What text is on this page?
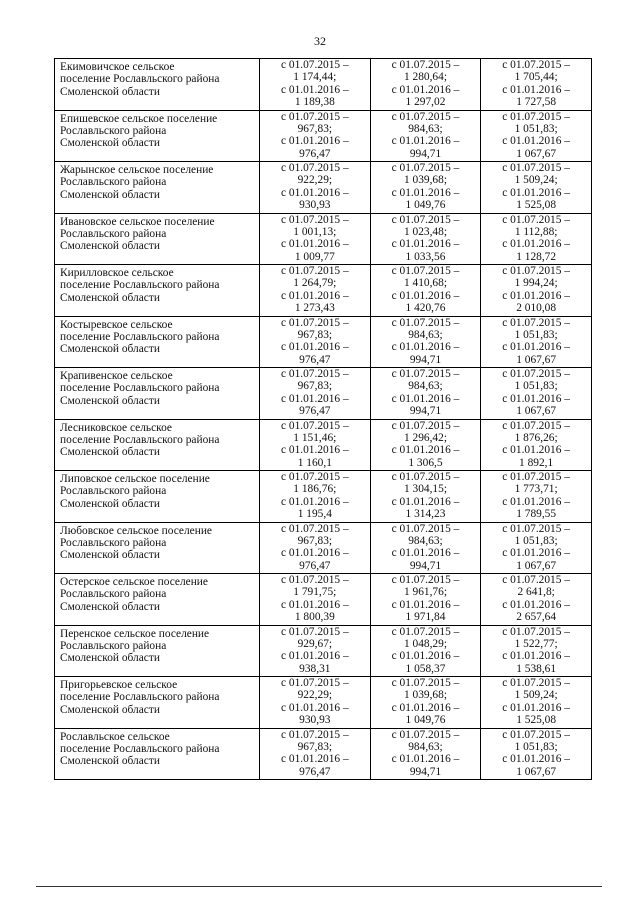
32
Екимовичское сельское
поселение Рославльского района
Смоленской области	с 01.07.2015 –
1 174,44;
с 01.01.2016 –
1 189,38	с 01.07.2015 –
1 280,64;
с 01.01.2016 –
1 297,02	с 01.07.2015 –
1 705,44;
с 01.01.2016 –
1 727,58

Епишевское сельское поселение
Рославльского района
Смоленской области	с 01.07.2015 –
967,83;
с 01.01.2016 –
976,47	с 01.07.2015 –
984,63;
с 01.01.2016 –
994,71	с 01.07.2015 –
1 051,83;
с 01.01.2016 –
1 067,67

Жарынское сельское поселение
Рославльского района
Смоленской области	с 01.07.2015 –
922,29;
с 01.01.2016 –
930,93	с 01.07.2015 –
1 039,68;
с 01.01.2016 –
1 049,76	с 01.07.2015 –
1 509,24;
с 01.01.2016 –
1 525,08

Ивановское сельское поселение
Рославльского района
Смоленской области	с 01.07.2015 –
1 001,13;
с 01.01.2016 –
1 009,77	с 01.07.2015 –
1 023,48;
с 01.01.2016 –
1 033,56	с 01.07.2015 –
1 112,88;
с 01.01.2016 –
1 128,72

Кирилловское сельское
поселение Рославльского района
Смоленской области	с 01.07.2015 –
1 264,79;
с 01.01.2016 –
1 273,43	с 01.07.2015 –
1 410,68;
с 01.01.2016 –
1 420,76	с 01.07.2015 –
1 994,24;
с 01.01.2016 –
2 010,08

Костыревское сельское
поселение Рославльского района
Смоленской области	с 01.07.2015 –
967,83;
с 01.01.2016 –
976,47	с 01.07.2015 –
984,63;
с 01.01.2016 –
994,71	с 01.07.2015 –
1 051,83;
с 01.01.2016 –
1 067,67

Крапивенское сельское
поселение Рославльского района
Смоленской области	с 01.07.2015 –
967,83;
с 01.01.2016 –
976,47	с 01.07.2015 –
984,63;
с 01.01.2016 –
994,71	с 01.07.2015 –
1 051,83;
с 01.01.2016 –
1 067,67

Лесниковское сельское
поселение Рославльского района
Смоленской области	с 01.07.2015 –
1 151,46;
с 01.01.2016 –
1 160,1	с 01.07.2015 –
1 296,42;
с 01.01.2016 –
1 306,5	с 01.07.2015 –
1 876,26;
с 01.01.2016 –
1 892,1

Липовское сельское поселение
Рославльского района
Смоленской области	с 01.07.2015 –
1 186,76;
с 01.01.2016 –
1 195,4	с 01.07.2015 –
1 304,15;
с 01.01.2016 –
1 314,23	с 01.07.2015 –
1 773,71;
с 01.01.2016 –
1 789,55

Любовское сельское поселение
Рославльского района
Смоленской области	с 01.07.2015 –
967,83;
с 01.01.2016 –
976,47	с 01.07.2015 –
984,63;
с 01.01.2016 –
994,71	с 01.07.2015 –
1 051,83;
с 01.01.2016 –
1 067,67

Остерское сельское поселение
Рославльского района
Смоленской области	с 01.07.2015 –
1 791,75;
с 01.01.2016 –
1 800,39	с 01.07.2015 –
1 961,76;
с 01.01.2016 –
1 971,84	с 01.07.2015 –
2 641,8;
с 01.01.2016 –
2 657,64

Перенское сельское поселение
Рославльского района
Смоленской области	с 01.07.2015 –
929,67;
с 01.01.2016 –
938,31	с 01.07.2015 –
1 048,29;
с 01.01.2016 –
1 058,37	с 01.07.2015 –
1 522,77;
с 01.01.2016 –
1 538,61

Пригорьевское сельское
поселение Рославльского района
Смоленской области	с 01.07.2015 –
922,29;
с 01.01.2016 –
930,93	с 01.07.2015 –
1 039,68;
с 01.01.2016 –
1 049,76	с 01.07.2015 –
1 509,24;
с 01.01.2016 –
1 525,08

Рославльское сельское
поселение Рославльского района
Смоленской области	с 01.07.2015 –
967,83;
с 01.01.2016 –
976,47	с 01.07.2015 –
984,63;
с 01.01.2016 –
994,71	с 01.07.2015 –
1 051,83;
с 01.01.2016 –
1 067,67
